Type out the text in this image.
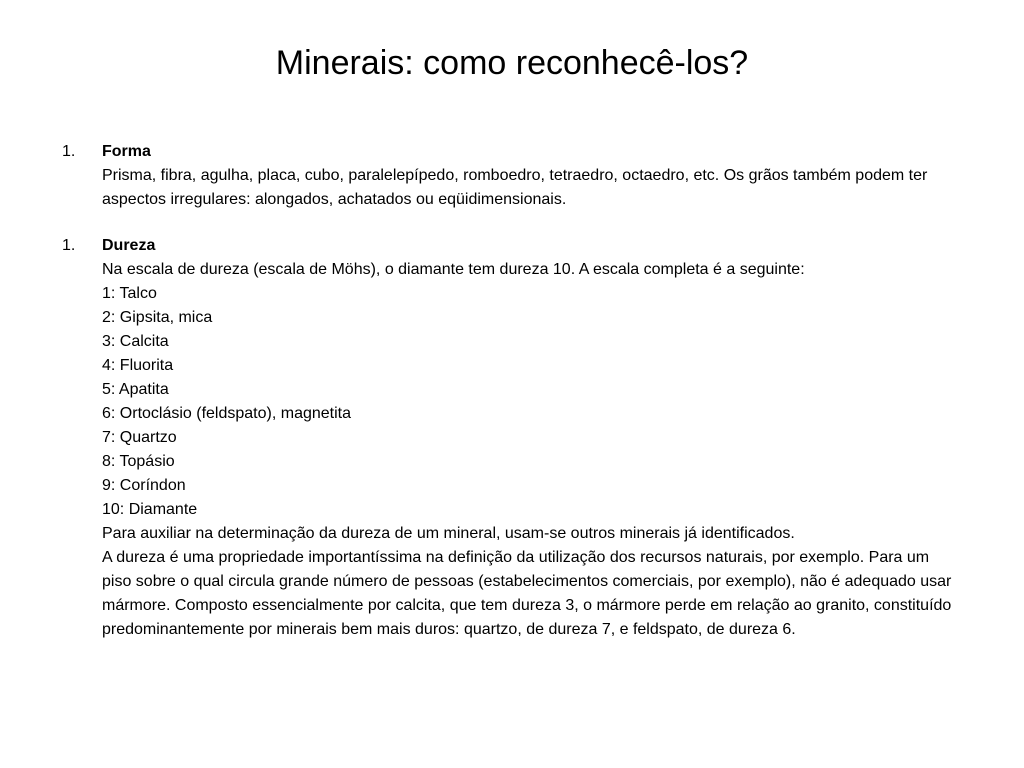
Minerais: como reconhecê-los?
1.	Forma
Prisma, fibra, agulha, placa, cubo, paralelepípedo, romboedro, tetraedro, octaedro, etc. Os grãos também podem ter aspectos irregulares: alongados, achatados ou eqüidimensionais.
1.	Dureza
Na escala de dureza (escala de Möhs), o diamante tem dureza 10. A escala completa é a seguinte:
1: Talco
2: Gipsita, mica
3: Calcita
4: Fluorita
5: Apatita
6: Ortoclásio (feldspato), magnetita
7: Quartzo
8: Topásio
9: Coríndon
10: Diamante
Para auxiliar na determinação da dureza de um mineral, usam-se outros minerais já identificados.
A dureza é uma propriedade importantíssima na definição da utilização dos recursos naturais, por exemplo. Para um piso sobre o qual circula grande número de pessoas (estabelecimentos comerciais, por exemplo), não é adequado usar mármore. Composto essencialmente por calcita, que tem dureza 3, o mármore perde em relação ao granito, constituído predominantemente por minerais bem mais duros: quartzo, de dureza 7, e feldspato, de dureza 6.
